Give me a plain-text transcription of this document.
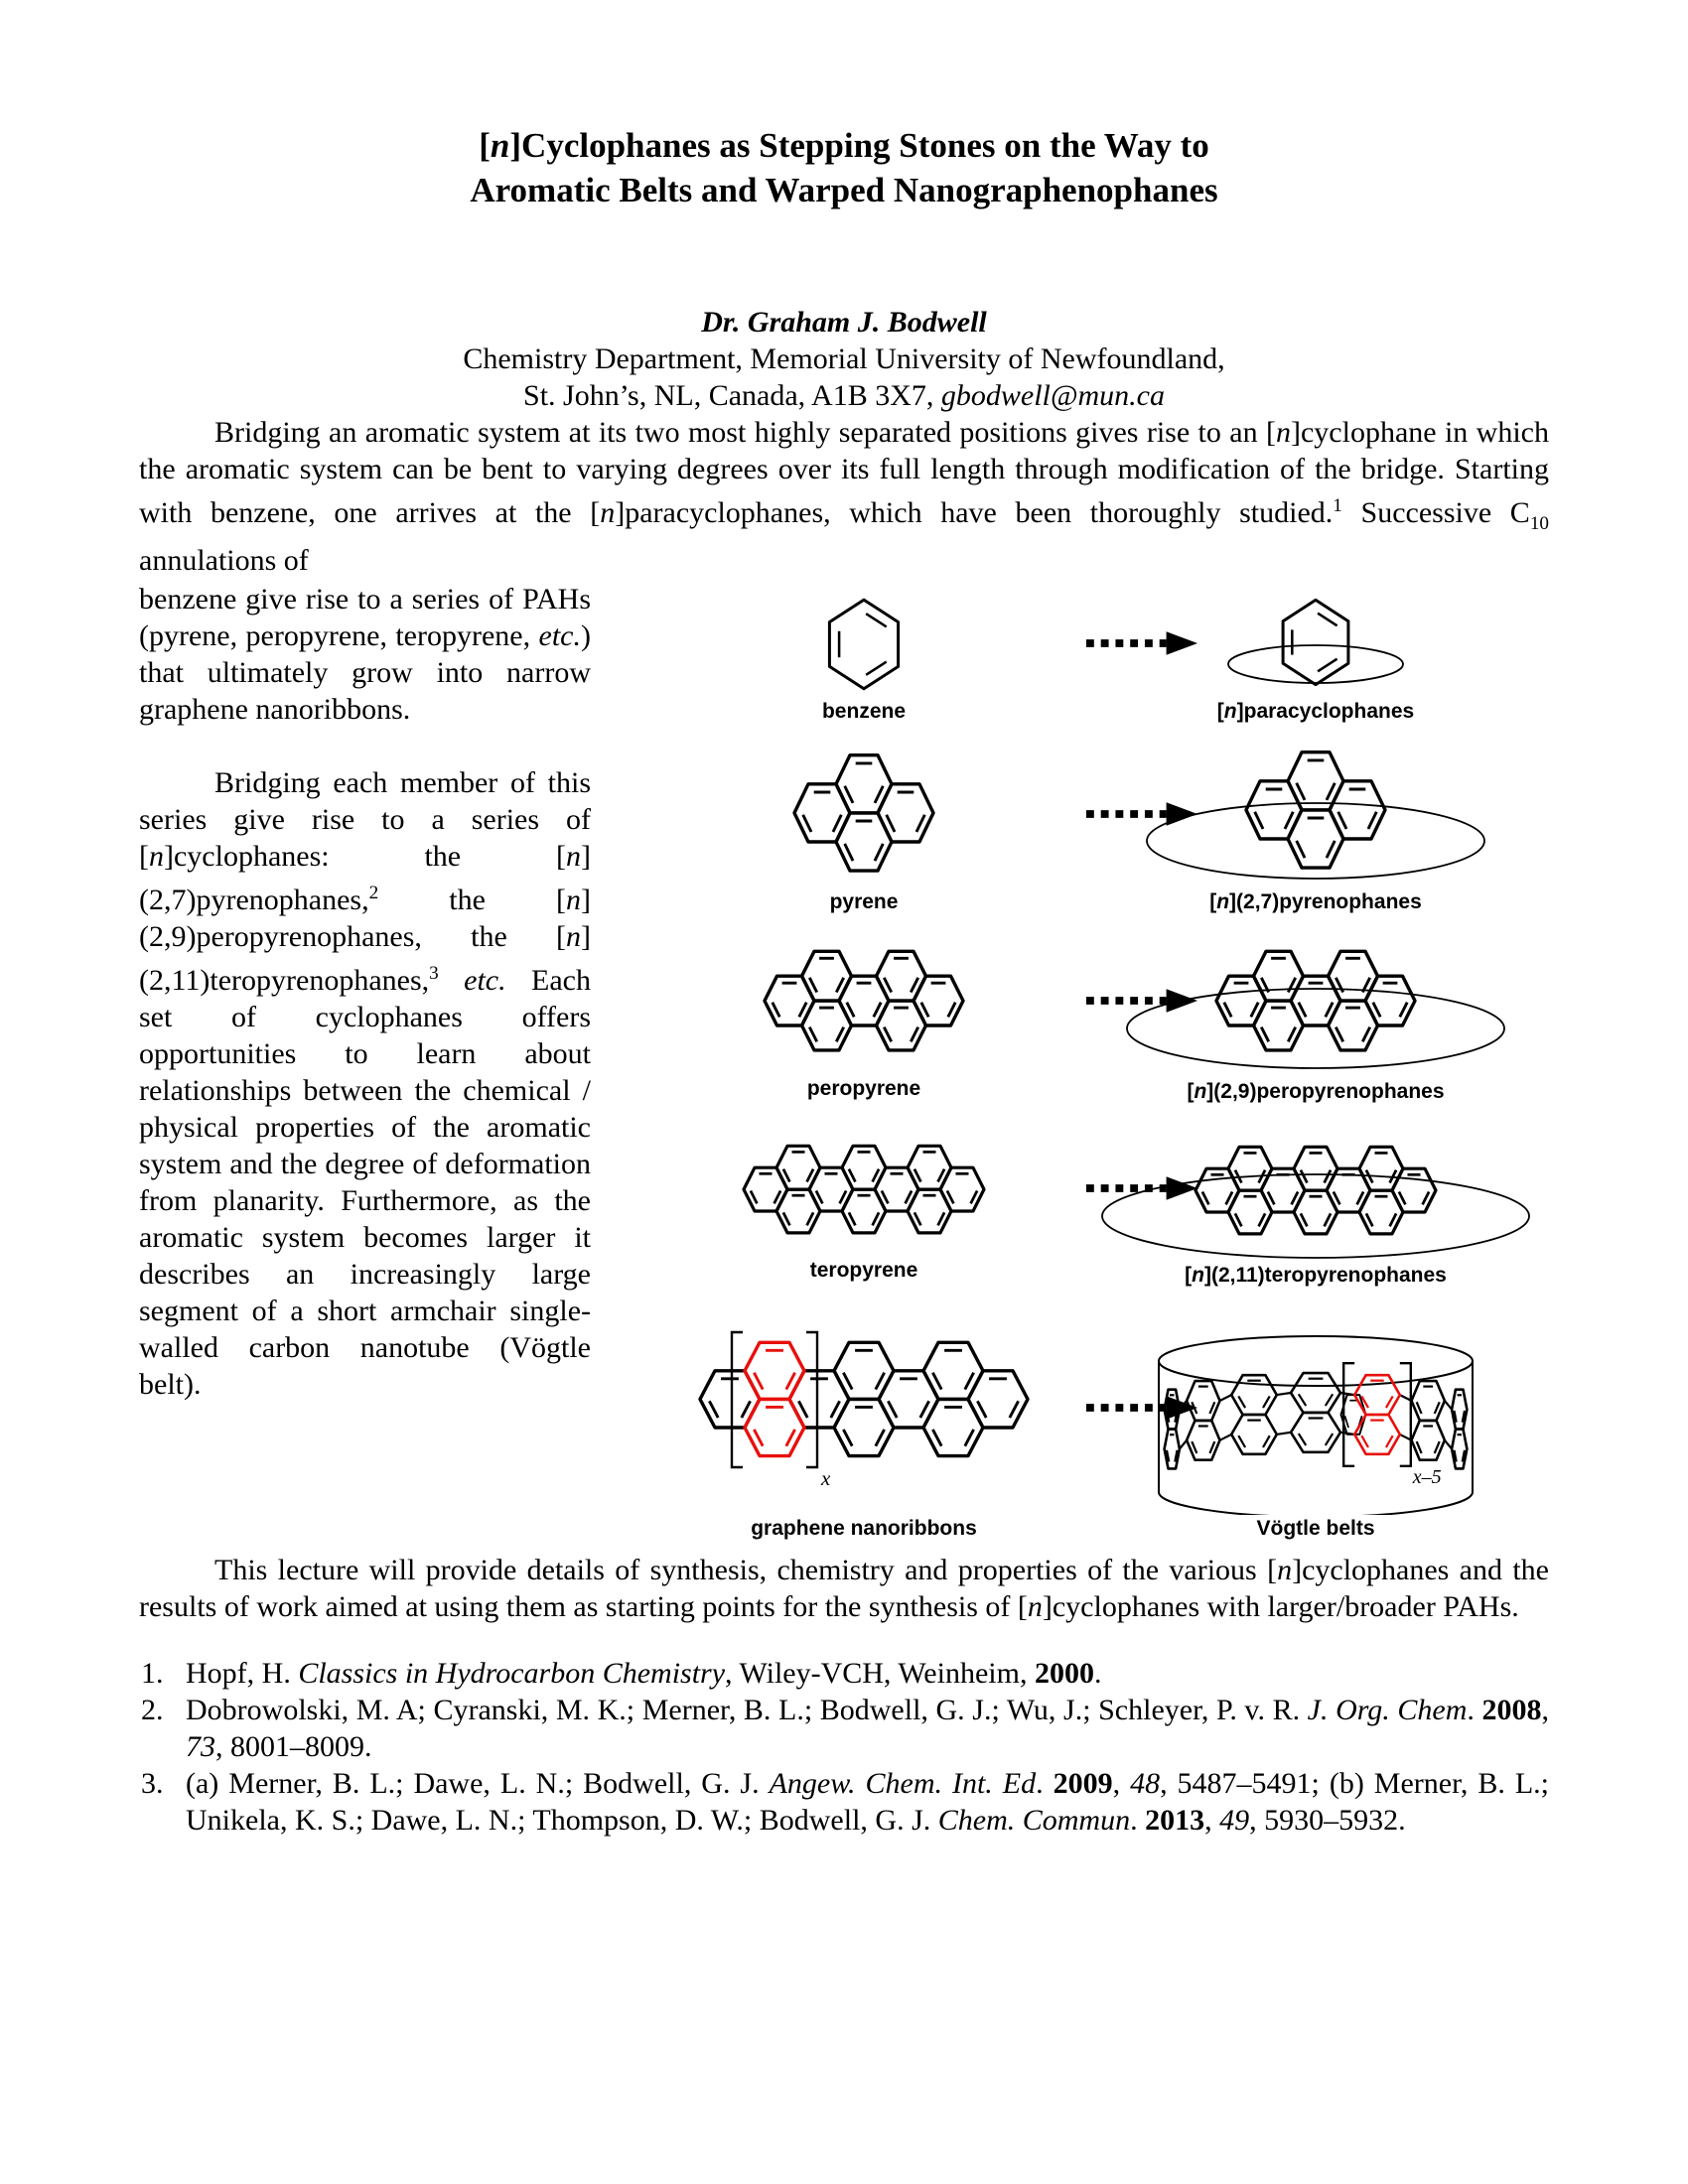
[n]Cyclophanes as Stepping Stones on the Way to
Aromatic Belts and Warped Nanographenophanes
Dr. Graham J. Bodwell
Chemistry Department, Memorial University of Newfoundland,
St. John’s, NL, Canada, A1B 3X7, gbodwell@mun.ca

Bridging an aromatic system at its two most highly separated positions gives rise to an [n]cyclophane in which the aromatic system can be bent to varying degrees over its full length through modification of the bridge. Starting with benzene, one arrives at the [n]paracyclophanes, which have been thoroughly studied.$^1$ Successive $C_{10}$ annulations of

benzene give rise to a series of PAHs (pyrene, peropyrene, teropyrene, etc.) that ultimately grow into narrow graphene nanoribbons.

Bridging each member of this series give rise to a series of [n]cyclophanes: the [n](2,7)pyrenophanes,$^2$ the [n](2,9)peropyrenophanes, the [n](2,11)teropyrenophanes,$^3$ etc. Each set of cyclophanes offers opportunities to learn about relationships between the chemical / physical properties of the aromatic system and the degree of deformation from planarity. Furthermore, as the aromatic system becomes larger it describes an increasingly large segment of a short armchair single-walled carbon nanotube (Vögtle belt).

benzene	[n]paracyclophanes
pyrene	[n](2,7)pyrenophanes
peropyrene	[n](2,9)peropyrenophanes
teropyrene	[n](2,11)teropyrenophanes
x
graphene nanoribbons
x–5
Vögtle belts

This lecture will provide details of synthesis, chemistry and properties of the various [n]cyclophanes and the results of work aimed at using them as starting points for the synthesis of [n]cyclophanes with larger/broader PAHs.

1. Hopf, H. Classics in Hydrocarbon Chemistry, Wiley-VCH, Weinheim, 2000.

2. Dobrowolski, M. A; Cyranski, M. K.; Merner, B. L.; Bodwell, G. J.; Wu, J.; Schleyer, P. v. R. J. Org. Chem. 2008, 73, 8001–8009.

3. (a) Merner, B. L.; Dawe, L. N.; Bodwell, G. J. Angew. Chem. Int. Ed. 2009, 48, 5487–5491; (b) Merner, B. L.; Unikela, K. S.; Dawe, L. N.; Thompson, D. W.; Bodwell, G. J. Chem. Commun. 2013, 49, 5930–5932.
